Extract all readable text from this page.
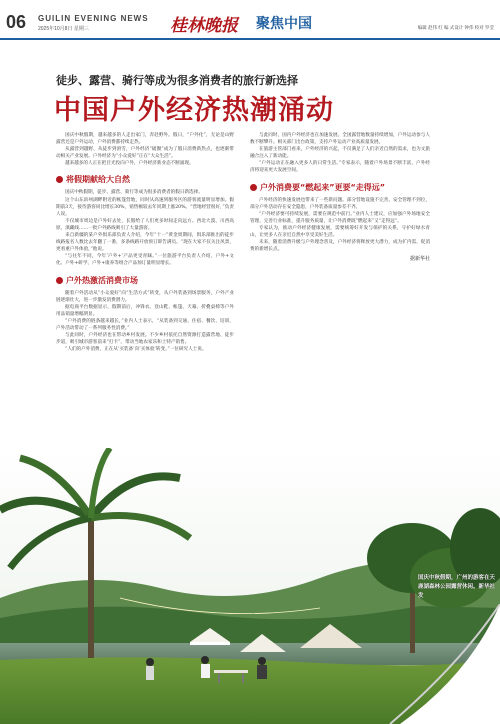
06 GUILIN EVENING NEWS
2025年10月8日 星期三	桂林晚报 聚焦中国	编辑 赵伟 红 编 式设计 钟伟 校对 罗莹
徒步、露营、骑行等成为很多消费者的旅行新选择
中国户外经济热潮涌动

国庆中秋假期，越来越多的人走出家门，奔赴野外。假日，“户外化”，无论是山野露营还是户外运动，户外消费都持续走热。

从露营到越野、从徒步到滑雪，户外经济“破圈”成为了假日消费新热点，也逐渐带动相关产业发展。户外经济为“小众爱好”正在“大众生活”。

越来越多的人正在把目光投向户外，户外经济新业态不断涌现。

将假期献给大自然

国庆中秋假期，徒步、露营、骑行等成为很多消费者的假日新选择。

这个山东滨州湖畔附近的帐篷营地，同时从高速到服务区的游客流量明显增加。假期前3天，接待游客同比增长30%，销售额较去年同期上涨20%。“营地经营很好，”负责人说。

不仅城市周边是户外好去处，长假给了人们更多时间走向远方。西北大漠、川西高原、滇藏线……一批户外路线吸引了大量游客。

来自新疆的某户外俱乐部负责人介绍，今年“十一”黄金周期间，俱乐部推出的徒步线路报名人数比去年翻了一番，多条线路开放预订即告满员。“现在大家不仅关注风景，更看重户外体验，”他说。

“与往年不同，今年‘户外+’产品更受青睐。”一位旅游平台负责人介绍，户外+文化、户外+研学、户外+康养等组合产品预订量明显增长。

户外热激活消费市场

随着户外活动从“小众爱好”向“生活方式”转变，从户外装备到场景服务，户外产业链逐渐壮大，进一步激发消费潜力。

据电商平台数据显示，假期前后，冲锋衣、登山鞋、帐篷、天幕、折叠桌椅等户外用品销量增幅明显。

“户外消费的链条越来越长，”业内人士表示，“从装备到交通、住宿、餐饮、培训，户外活动带动了一系列服务性消费。”

与此同时，户外经济也在带动乡村发展。不少乡村依托自然资源打造露营地、徒步步道，吸引城市游客前来“打卡”，带动当地农家乐和土特产销售。

“人们的户外消费，正在从‘买装备’向‘买体验’转变。”一位研究人士说。

与此同时，国内户外经济也在加速发展。全国露营地数量持续增加，户外运动参与人数不断攀升。相关部门出台政策，支持户外运动产业高质量发展。

在旅游主管部门看来，户外经济的兴起，不仅满足了人们亲近自然的需求，也为文旅融合注入了新动能。

“户外运动正在融入更多人的日常生活。”专家表示，随着户外场景不断丰富，户外经济将迎来更大发展空间。

户外消费要“燃起来”更要“走得远”

户外经济的快速发展也带来了一些新问题。部分营地设施不完善、安全管理不到位，部分户外活动存在安全隐患，户外装备质量参差不齐。

“户外经济要可持续发展，需要在规范中前行。”业内人士建议，应加强户外场地安全管理，完善行业标准，提升服务质量，让户外消费既“燃起来”又“走得远”。

专家认为，推动户外经济健康发展，需要统筹好开发与保护的关系，守护好绿水青山，让更多人在亲近自然中享受美好生活。

未来，随着消费升级与户外理念普及，户外经济将释放更大潜力，成为扩内需、促消费的新增长点。

据新华社

国庆中秋假期，广州的游客在天鹿湖森林公园露营休闲。新华社发
